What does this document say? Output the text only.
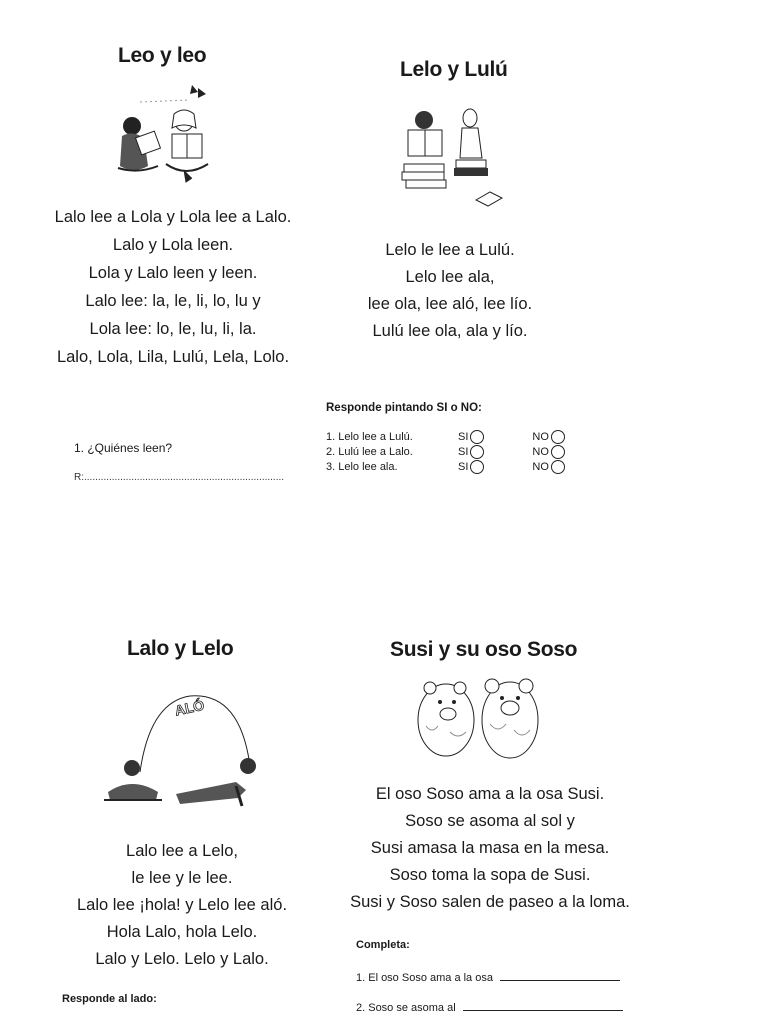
Leo y leo
Lalo lee a Lola y Lola lee a Lalo.
Lalo y Lola leen.
Lola y Lalo leen y leen.
Lalo lee: la, le, li, lo, lu y
Lola lee: lo, le, lu, li, la.
Lalo, Lola, Lila, Lulú, Lela, Lolo.
1. ¿Quiénes leen?
R:........................................................................
Lelo y Lulú
Lelo le lee a Lulú.
Lelo lee ala,
lee ola, lee aló, lee lío.
Lulú lee ola, ala y lío.
Responde pintando SI o NO:
1. Lelo lee a Lulú.	SI	NO
2. Lulú lee a Lalo.	SI	NO
3. Lelo lee ala.	SI	NO
Lalo y Lelo
ALÓ
Lalo lee a Lelo,
le lee y le lee.
Lalo lee ¡hola! y Lelo lee aló.
Hola Lalo, hola Lelo.
Lalo y Lelo. Lelo y Lalo.
Responde al lado:
Susi y su oso Soso
El oso Soso ama a la osa Susi.
Soso se asoma al sol y
Susi amasa la masa en la mesa.
Soso toma la sopa de Susi.
Susi y Soso salen de paseo a la loma.
Completa:
1. El oso Soso ama a la osa
2. Soso se asoma al
